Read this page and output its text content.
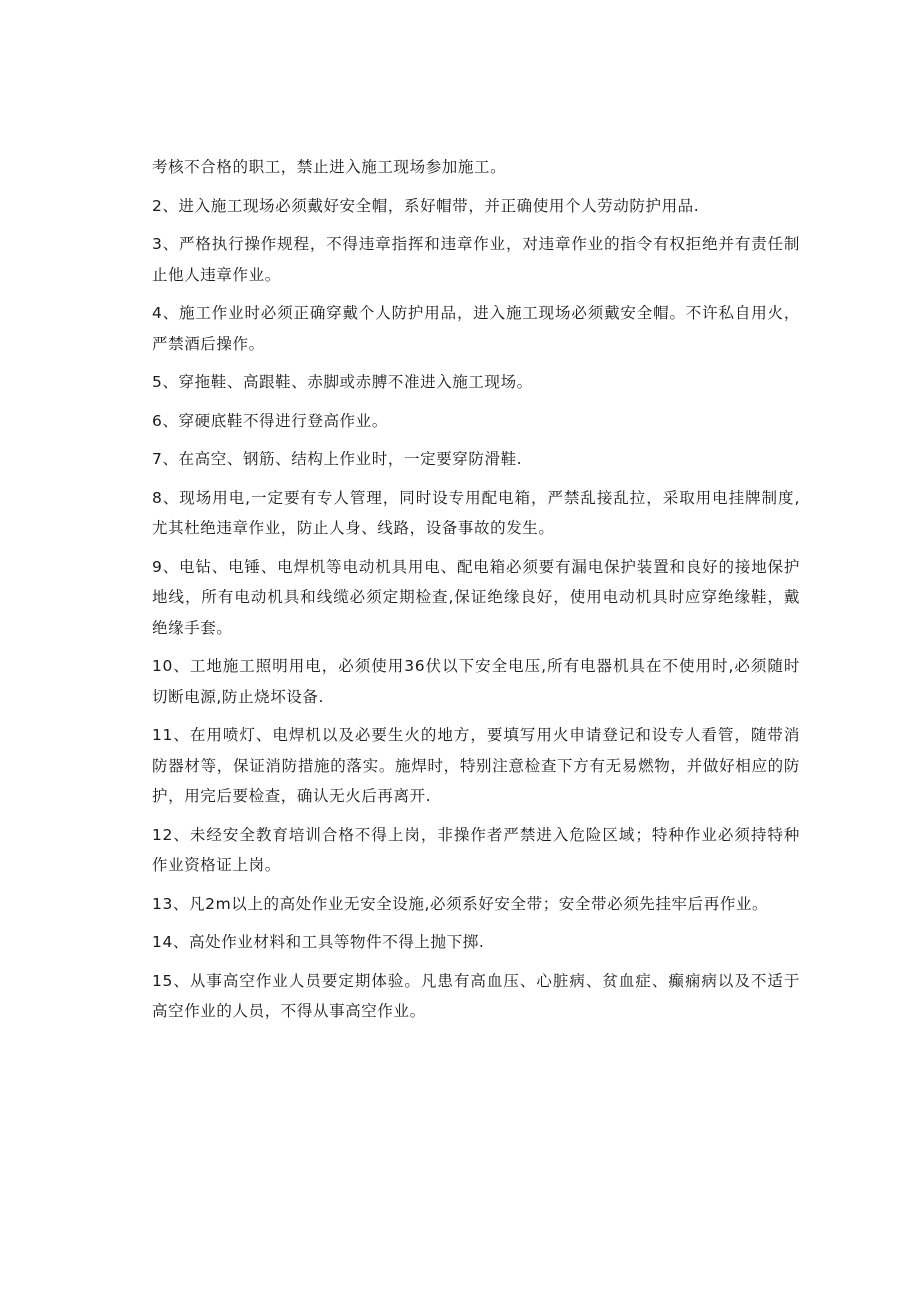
考核不合格的职工，禁止进入施工现场参加施工。

2、进入施工现场必须戴好安全帽，系好帽带，并正确使用个人劳动防护用品.

3、严格执行操作规程，不得违章指挥和违章作业，对违章作业的指令有权拒绝并有责任制止他人违章作业。

4、施工作业时必须正确穿戴个人防护用品，进入施工现场必须戴安全帽。不许私自用火，严禁酒后操作。

5、穿拖鞋、高跟鞋、赤脚或赤膊不准进入施工现场。

6、穿硬底鞋不得进行登高作业。

7、在高空、钢筋、结构上作业时，一定要穿防滑鞋.

8、现场用电,一定要有专人管理，同时设专用配电箱，严禁乱接乱拉，采取用电挂牌制度,尤其杜绝违章作业，防止人身、线路，设备事故的发生。

9、电钻、电锤、电焊机等电动机具用电、配电箱必须要有漏电保护装置和良好的接地保护地线，所有电动机具和线缆必须定期检查,保证绝缘良好，使用电动机具时应穿绝缘鞋，戴绝缘手套。

10、工地施工照明用电，必须使用36伏以下安全电压,所有电器机具在不使用时,必须随时切断电源,防止烧坏设备.

11、在用喷灯、电焊机以及必要生火的地方，要填写用火申请登记和设专人看管，随带消防器材等，保证消防措施的落实。施焊时，特别注意检查下方有无易燃物，并做好相应的防护，用完后要检查，确认无火后再离开.

12、未经安全教育培训合格不得上岗，非操作者严禁进入危险区域；特种作业必须持特种作业资格证上岗。

13、凡2m以上的高处作业无安全设施,必须系好安全带；安全带必须先挂牢后再作业。

14、高处作业材料和工具等物件不得上抛下掷.

15、从事高空作业人员要定期体验。凡患有高血压、心脏病、贫血症、癫痫病以及不适于高空作业的人员，不得从事高空作业。
